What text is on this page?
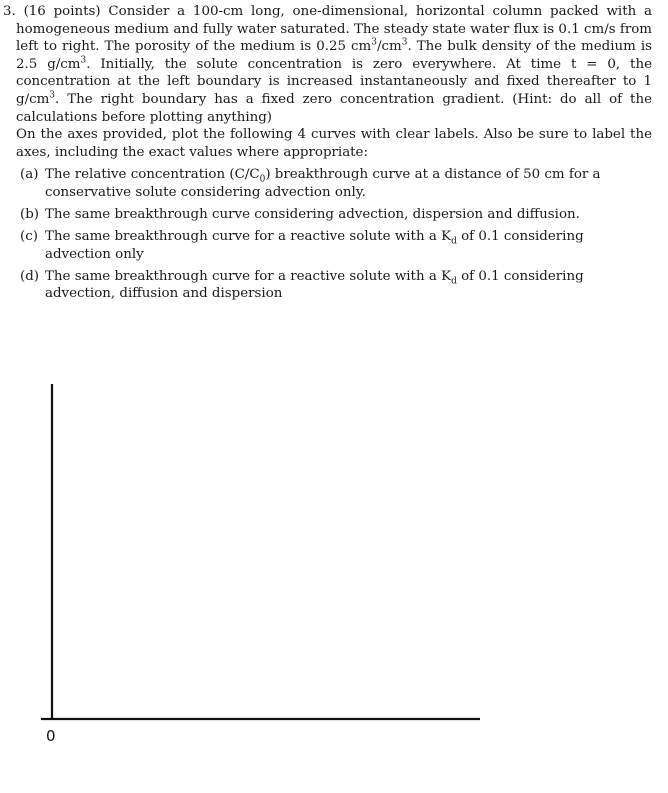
3. (16 points) Consider a 100-cm long, one-dimensional, horizontal column packed with a homogeneous medium and fully water saturated. The steady state water flux is 0.1 cm/s from left to right. The porosity of the medium is 0.25 $cm^3/cm^3$. The bulk density of the medium is 2.5 $g/cm^3$. Initially, the solute concentration is zero everywhere. At time t = 0, the concentration at the left boundary is increased instantaneously and fixed thereafter to 1 $g/cm^3$. The right boundary has a fixed zero concentration gradient. (Hint: do all of the calculations before plotting anything)

On the axes provided, plot the following 4 curves with clear labels. Also be sure to label the axes, including the exact values where appropriate:

(a) The relative concentration $(C/C_0)$ breakthrough curve at a distance of 50 cm for a conservative solute considering advection only.
(b) The same breakthrough curve considering advection, dispersion and diffusion.
(c) The same breakthrough curve for a reactive solute with a $K_d$ of 0.1 considering advection only
(d) The same breakthrough curve for a reactive solute with a $K_d$ of 0.1 considering advection, diffusion and dispersion
0
